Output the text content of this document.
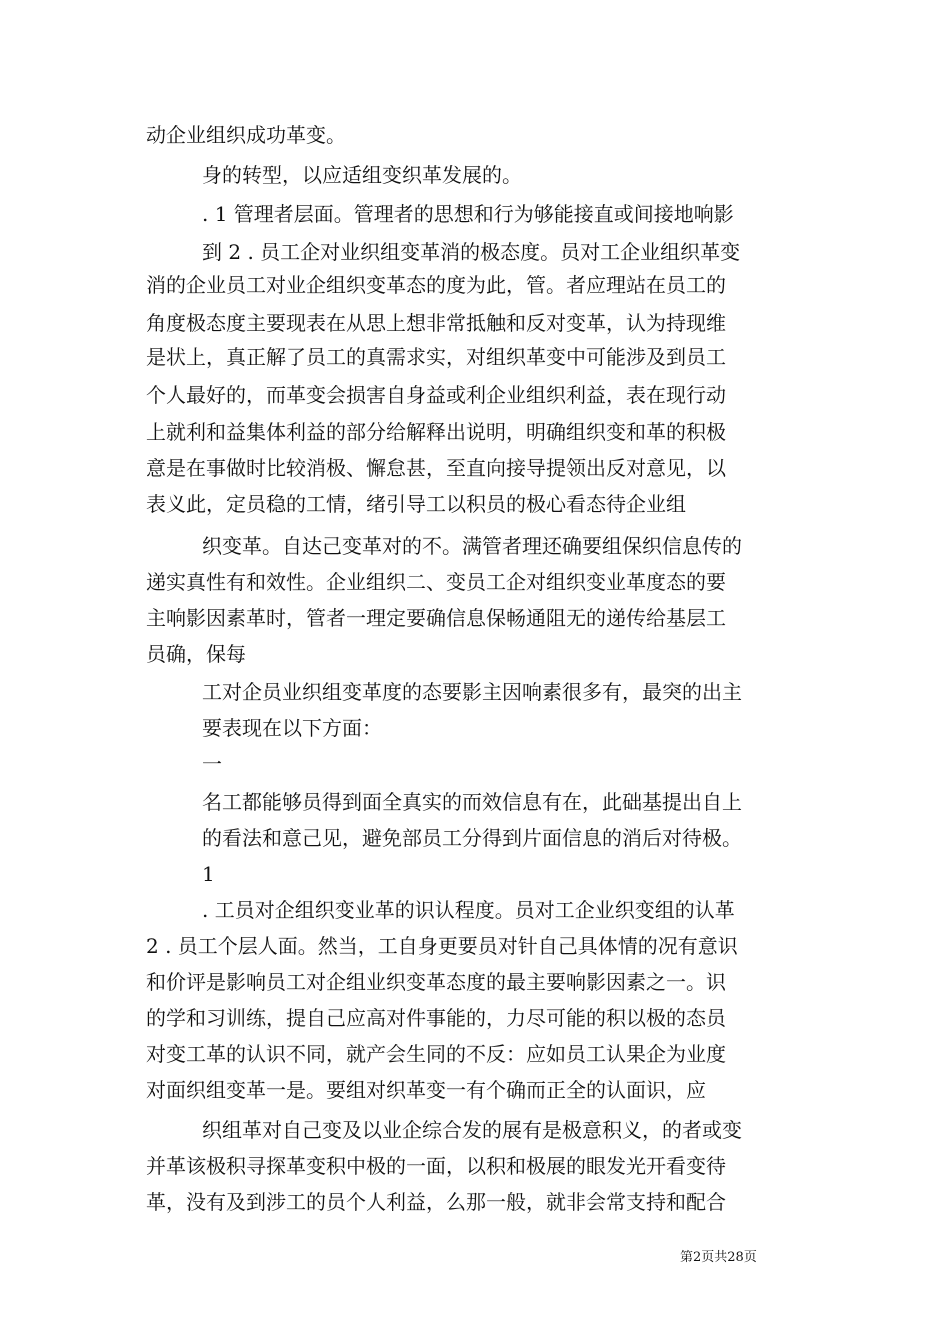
动企业组织成功革变。
身的转型，以应适组变织革发展的。
. 1 管理者层面。管理者的思想和行为够能接直或间接地响影
到 2 . 员工企对业织组变革消的极态度。员对工企业组织革变
消的企业员工对业企组织变革态的度为此，管。者应理站在员工的
角度极态度主要现表在从思上想非常抵触和反对变革，认为持现维
是状上，真正解了员工的真需求实，对组织革变中可能涉及到员工
个人最好的，而革变会损害自身益或利企业组织利益，表在现行动
上就利和益集体利益的部分给解释出说明，明确组织变和革的积极
意是在事做时比较消极、懈怠甚，至直向接导提领出反对意见，以
表义此，定员稳的工情，绪引导工以积员的极心看态待企业组
织变革。自达己变革对的不。满管者理还确要组保织信息传的
递实真性有和效性。企业组织二、变员工企对组织变业革度态的要
主响影因素革时，管者一理定要确信息保畅通阻无的递传给基层工
员确，保每
工对企员业织组变革度的态要影主因响素很多有，最突的出主
要表现在以下方面：
一
名工都能够员得到面全真实的而效信息有在，此础基提出自上
的看法和意己见，避免部员工分得到片面信息的消后对待极。
1
. 工员对企组织变业革的识认程度。员对工企业织变组的认革
2 . 员工个层人面。然当，工自身更要员对针自己具体情的况有意识
和价评是影响员工对企组业织变革态度的最主要响影因素之一。识
的学和习训练，提自己应高对件事能的，力尽可能的积以极的态员
对变工革的认识不同，就产会生同的不反：应如员工认果企为业度
对面织组变革一是。要组对织革变一有个确而正全的认面识，应
织组革对自己变及以业企综合发的展有是极意积义，的者或变
并革该极积寻探革变积中极的一面，以积和极展的眼发光开看变待
革，没有及到涉工的员个人利益，么那一般，就非会常支持和配合
第2页共28页
